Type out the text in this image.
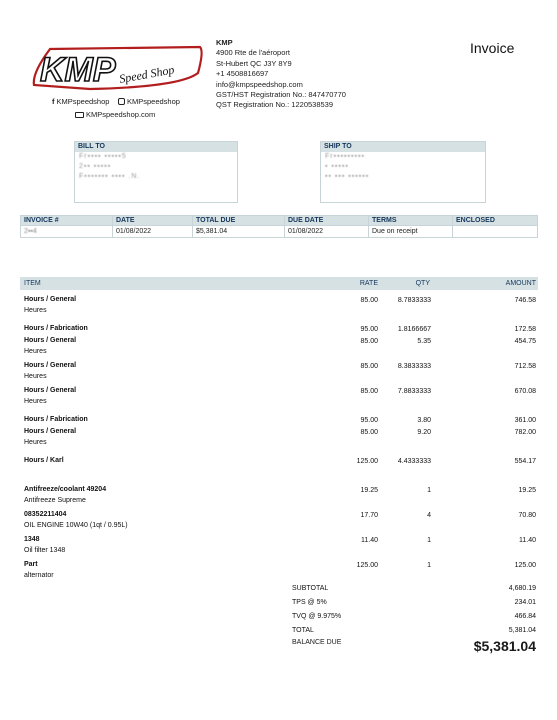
KMP Speed Shop
f KMPspeedshop	KMPspeedshop
KMPspeedshop.com
KMP
4900 Rte de l'aéroport
St-Hubert QC J3Y 8Y9
+1 4508816697
info@kmpspeedshop.com
GST/HST Registration No.: 847470770
QST Registration No.: 1220538539
Invoice
BILL TO
Fr▪▪▪▪ ▪▪▪▪▪5
2▪▪ ▪▪▪▪▪
F▪▪▪▪▪▪▪ ▪▪▪▪ .N.
SHIP TO
Fr▪▪▪▪▪▪▪▪▪
▪ ▪▪▪▪▪
▪▪ ▪▪▪ ▪▪▪▪▪▪
INVOICE #	DATE	TOTAL DUE	DUE DATE	TERMS	ENCLOSED
2▪▪4	01/08/2022	$5,381.04	01/08/2022	Due on receipt	
ITEM	RATE	QTY	AMOUNT
Hours / General
Heures
85.00	8.7833333	746.58
Hours / Fabrication	95.00	1.8166667	172.58
Hours / General
Heures
85.00	5.35	454.75
Hours / General
Heures
85.00	8.3833333	712.58
Hours / General
Heures
85.00	7.8833333	670.08
Hours / Fabrication	95.00	3.80	361.00
Hours / General
Heures
85.00	9.20	782.00
Hours / Karl	125.00	4.4333333	554.17
Antifreeze/coolant 49204
Antifreeze Supreme
19.25	1	19.25
08352211404
OIL ENGINE 10W40 (1qt / 0.95L)
17.70	4	70.80
1348
Oil filter 1348
11.40	1	11.40
Part
alternator
125.00	1	125.00
SUBTOTAL	4,680.19
TPS @ 5%	234.01
TVQ @ 9.975%	466.84
TOTAL	5,381.04
BALANCE DUE	$5,381.04
